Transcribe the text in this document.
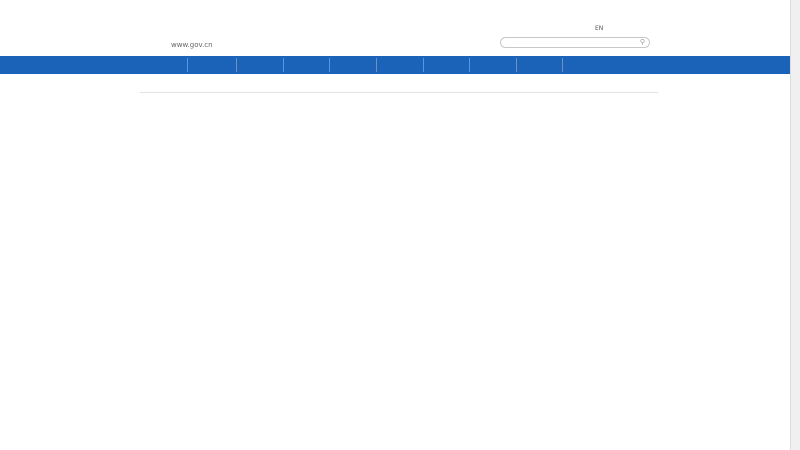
www.gov.cn
EN
⚲
